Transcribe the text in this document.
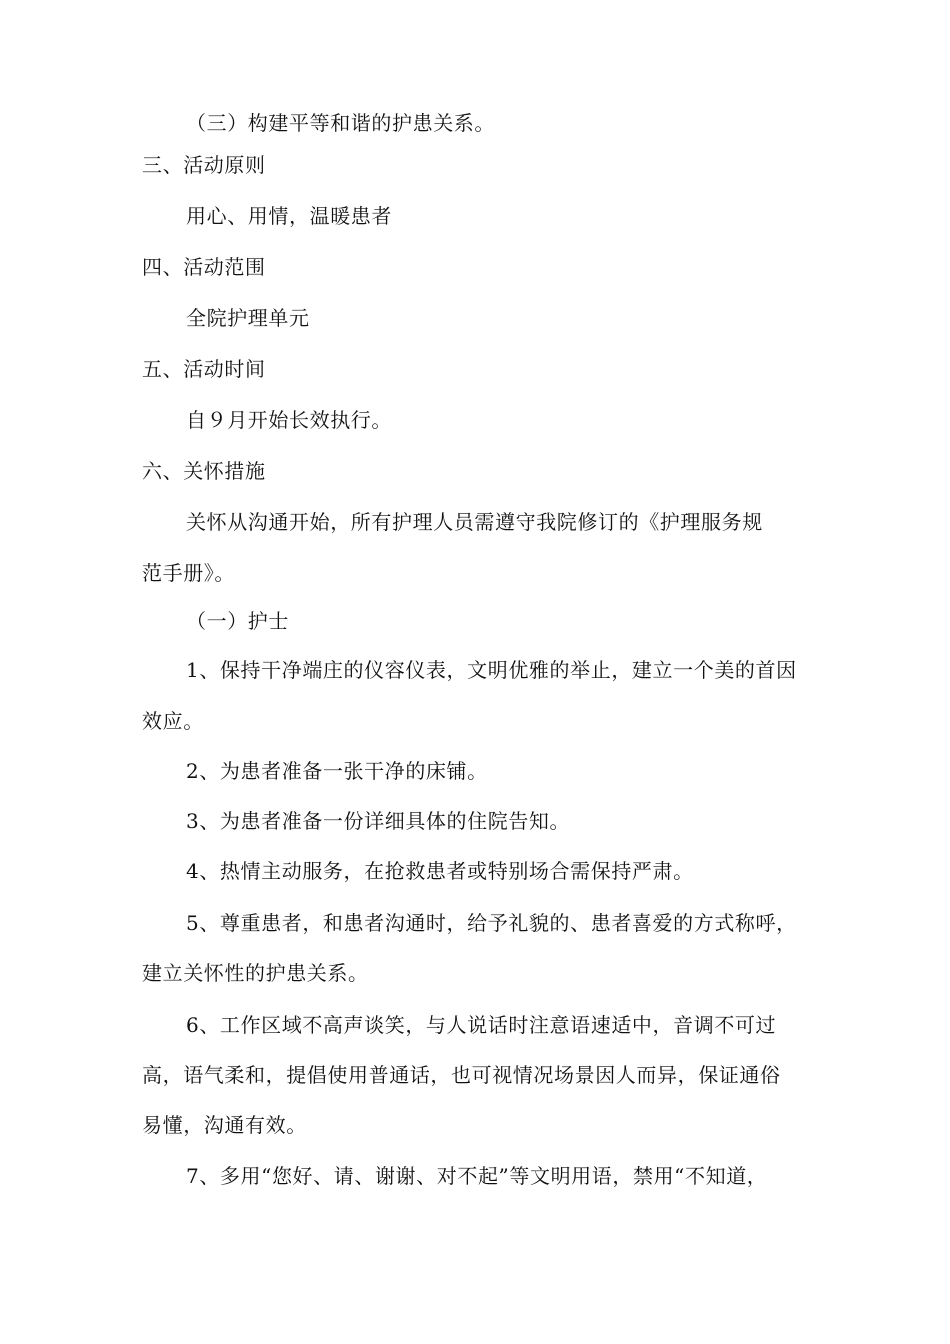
（三）构建平等和谐的护患关系。
三、活动原则
用心、用情，温暖患者
四、活动范围
全院护理单元
五、活动时间
自９月开始长效执行。
六、关怀措施
关怀从沟通开始，所有护理人员需遵守我院修订的《护理服务规
范手册》。
（一）护士
1、保持干净端庄的仪容仪表，文明优雅的举止，建立一个美的首因
效应。
2、为患者准备一张干净的床铺。
3、为患者准备一份详细具体的住院告知。
4、热情主动服务，在抢救患者或特别场合需保持严肃。
5、尊重患者，和患者沟通时，给予礼貌的、患者喜爱的方式称呼，
建立关怀性的护患关系。
6、工作区域不高声谈笑，与人说话时注意语速适中，音调不可过
高，语气柔和，提倡使用普通话，也可视情况场景因人而异，保证通俗
易懂，沟通有效。
7、多用“您好、请、谢谢、对不起”等文明用语，禁用“不知道，
